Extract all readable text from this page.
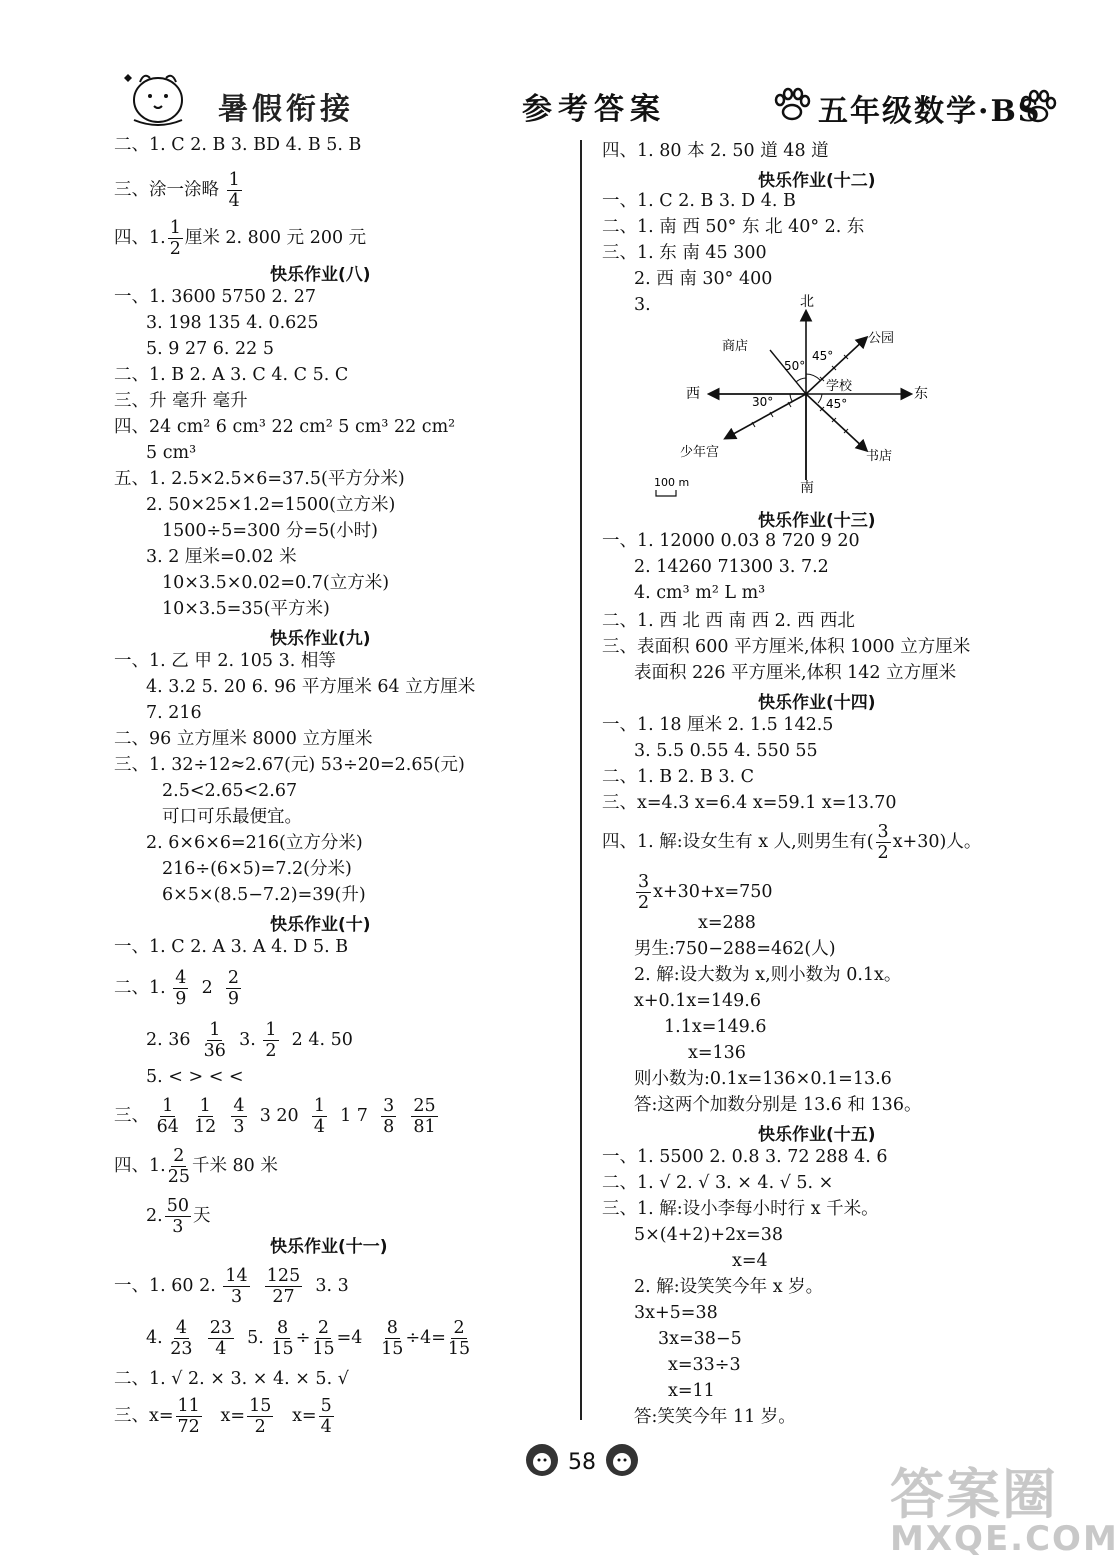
暑假衔接	参考答案	五年级数学·BS
二、1. C 2. B 3. BD 4. B 5. B
三、涂一涂略 $\frac{1}{4}$
四、1. $\frac{1}{2}$ 厘米 2. 800 元 200 元
快乐作业(八)
一、1. 3600 5750 2. 27
3. 198 135 4. 0.625
5. 9 27 6. 22 5
二、1. B 2. A 3. C 4. C 5. C
三、升 毫升 毫升
四、24 cm² 6 cm³ 22 cm² 5 cm³ 22 cm²
5 cm³
五、1. 2.5×2.5×6=37.5(平方分米)
2. 50×25×1.2=1500(立方米)
1500÷5=300 分=5(小时)
3. 2 厘米=0.02 米
10×3.5×0.02=0.7(立方米)
10×3.5=35(平方米)
快乐作业(九)
一、1. 乙 甲 2. 105 3. 相等
4. 3.2 5. 20 6. 96 平方厘米 64 立方厘米
7. 216
二、96 立方厘米 8000 立方厘米
三、1. 32÷12≈2.67(元) 53÷20=2.65(元)
2.5<2.65<2.67
可口可乐最便宜。
2. 6×6×6=216(立方分米)
216÷(6×5)=7.2(分米)
6×5×(8.5−7.2)=39(升)
快乐作业(十)
一、1. C 2. A 3. A 4. D 5. B
二、1. $\frac{4}{9} 2 \frac{2}{9}$
2. $36 \frac{1}{36} 3$. $\frac{1}{2} 2$ 4. 50
5. < > < <
三、 $\frac{1}{64}$
$\frac{1}{12}$
$\frac{4}{3} 3$ $20 \frac{1}{4} 1$ $7 \frac{3}{8}$
$\frac{25}{81}$
四、1. $\frac{2}{25}$ 千米 80 米
2. $\frac{50}{3}$ 天
快乐作业(十一)
一、1. 60 2. $\frac{14}{3}$
$\frac{125}{27} 3$. 3
4. $\frac{4}{23}$
$\frac{23}{4} 5$. $\frac{8}{15} \div \frac{2}{15} =4 \frac{8}{15} \div 4= \frac{2}{15}$
二、1. √ 2. × 3. × 4. × 5. √
三、$x= \frac{11}{72} x= \frac{15}{2} x= \frac{5}{4}$
四、1. 80 本 2. 50 道 48 道
快乐作业(十二)
一、1. C 2. B 3. D 4. B
二、1. 南 西 50° 东 北 40° 2. 东
三、1. 东 南 45 300
2. 西 南 30° 400
3.	北
南
东
西	学校
商店
公园
少年宫	书店
50°
45°
30°	45°
100 m
快乐作业(十三)
一、1. 12000 0.03 8 720 9 20
2. 14260 71300 3. 7.2
4. cm³ m² L m³
二、1. 西 北 西 南 西 2. 西 西北
三、表面积 600 平方厘米,体积 1000 立方厘米
表面积 226 平方厘米,体积 142 立方厘米
快乐作业(十四)
一、1. 18 厘米 2. 1.5 142.5
3. 5.5 0.55 4. 550 55
二、1. B 2. B 3. C
三、x=4.3 x=6.4 x=59.1 x=13.70
四、1. 解:设女生有 x 人,则男生有( $\frac{3}{2} x+30$)人。
$\frac{3}{2} x+30+x=750$
x=288
男生:750−288=462(人)
2. 解:设大数为 x,则小数为 0.1x。
x+0.1x=149.6
1.1x=149.6
x=136
则小数为:0.1x=136×0.1=13.6
答:这两个加数分别是 13.6 和 136。
快乐作业(十五)
一、1. 5500 2. 0.8 3. 72 288 4. 6
二、1. √ 2. √ 3. × 4. √ 5. ×
三、1. 解:设小李每小时行 x 千米。
5×(4+2)+2x=38
x=4
2. 解:设笑笑今年 x 岁。
3x+5=38
3x=38−5
x=33÷3
x=11
答:笑笑今年 11 岁。
58
答案圈
MXQE.COM
